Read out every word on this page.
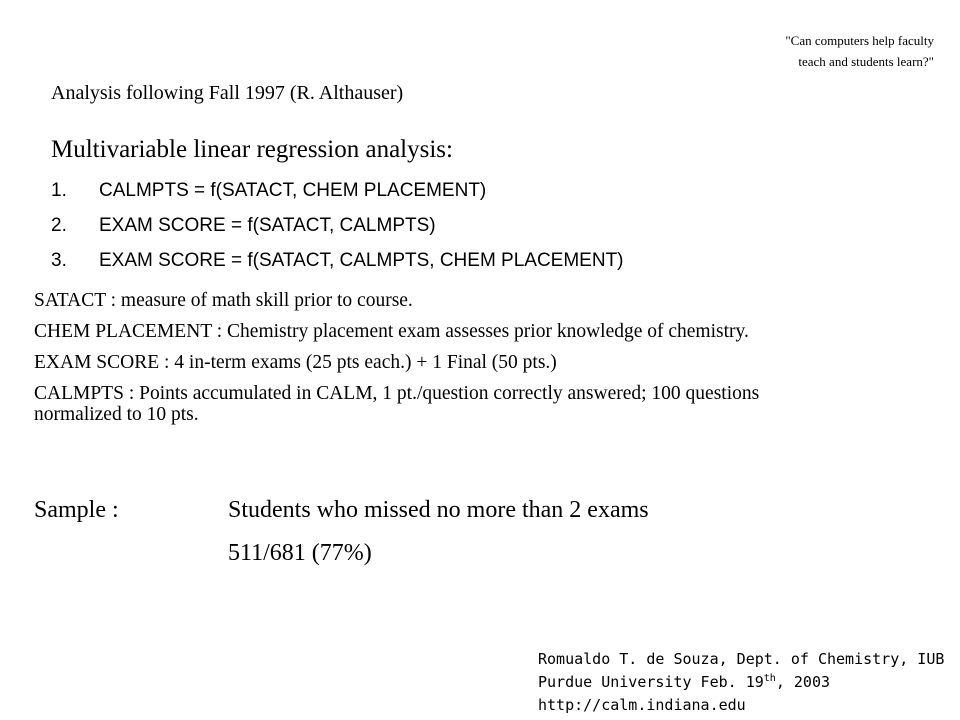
"Can computers help faculty
teach and students learn?"
Analysis following Fall 1997 (R. Althauser)
Multivariable linear regression analysis:
1.	CALMPTS = f(SATACT, CHEM PLACEMENT)
2.	EXAM SCORE = f(SATACT, CALMPTS)
3.	EXAM SCORE = f(SATACT, CALMPTS, CHEM PLACEMENT)
SATACT : measure of math skill prior to course.
CHEM PLACEMENT : Chemistry placement exam assesses prior knowledge of chemistry.
EXAM SCORE : 4 in-term exams (25 pts each.) + 1 Final (50 pts.)
CALMPTS : Points accumulated in CALM, 1 pt./question correctly answered; 100 questions normalized to 10 pts.
Sample :	Students who missed no more than 2 exams
511/681 (77%)
Romualdo T. de Souza, Dept. of Chemistry, IUB
Purdue University Feb. 19th, 2003
http://calm.indiana.edu
